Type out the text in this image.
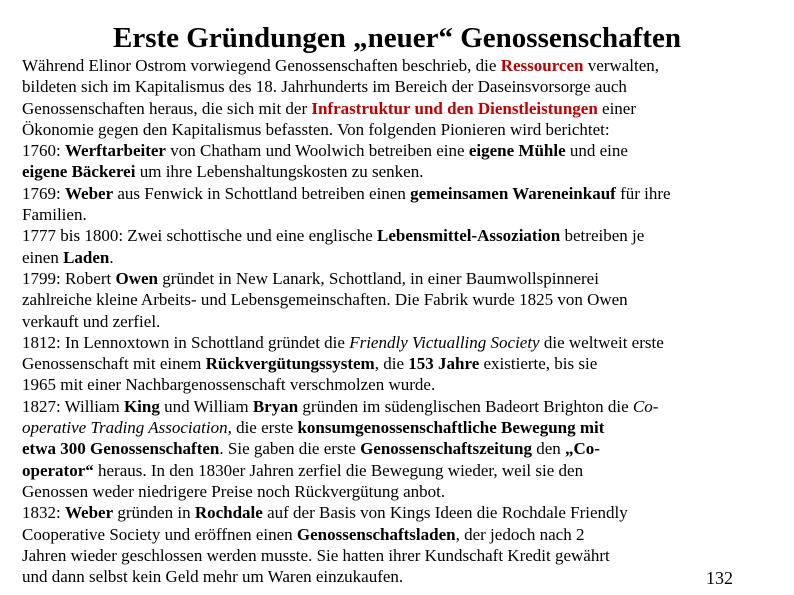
Erste Gründungen „neuer“ Genossenschaften
Während Elinor Ostrom vorwiegend Genossenschaften beschrieb, die Ressourcen verwalten,
bildeten sich im Kapitalismus des 18. Jahrhunderts im Bereich der Daseinsvorsorge auch
Genossenschaften heraus, die sich mit der Infrastruktur und den Dienstleistungen einer
Ökonomie gegen den Kapitalismus befassten. Von folgenden Pionieren wird berichtet:
1760: Werftarbeiter von Chatham und Woolwich betreiben eine eigene Mühle und eine
eigene Bäckerei um ihre Lebenshaltungskosten zu senken.
1769: Weber aus Fenwick in Schottland betreiben einen gemeinsamen Wareneinkauf für ihre
Familien.
1777 bis 1800: Zwei schottische und eine englische Lebensmittel-Assoziation betreiben je
einen Laden.
1799: Robert Owen gründet in New Lanark, Schottland, in einer Baumwollspinnerei
zahlreiche kleine Arbeits- und Lebensgemeinschaften. Die Fabrik wurde 1825 von Owen
verkauft und zerfiel.
1812: In Lennoxtown in Schottland gründet die Friendly Victualling Society die weltweit erste
Genossenschaft mit einem Rückvergütungssystem, die 153 Jahre existierte, bis sie
1965 mit einer Nachbargenossenschaft verschmolzen wurde.
1827: William King und William Bryan gründen im südenglischen Badeort Brighton die Co-
operative Trading Association, die erste konsumgenossenschaftliche Bewegung mit
etwa 300 Genossenschaften. Sie gaben die erste Genossenschaftszeitung den „Co-
operator“ heraus. In den 1830er Jahren zerfiel die Bewegung wieder, weil sie den
Genossen weder niedrigere Preise noch Rückvergütung anbot.
1832: Weber gründen in Rochdale auf der Basis von Kings Ideen die Rochdale Friendly
Cooperative Society und eröffnen einen Genossenschaftsladen, der jedoch nach 2
Jahren wieder geschlossen werden musste. Sie hatten ihrer Kundschaft Kredit gewährt
und dann selbst kein Geld mehr um Waren einzukaufen.	132
